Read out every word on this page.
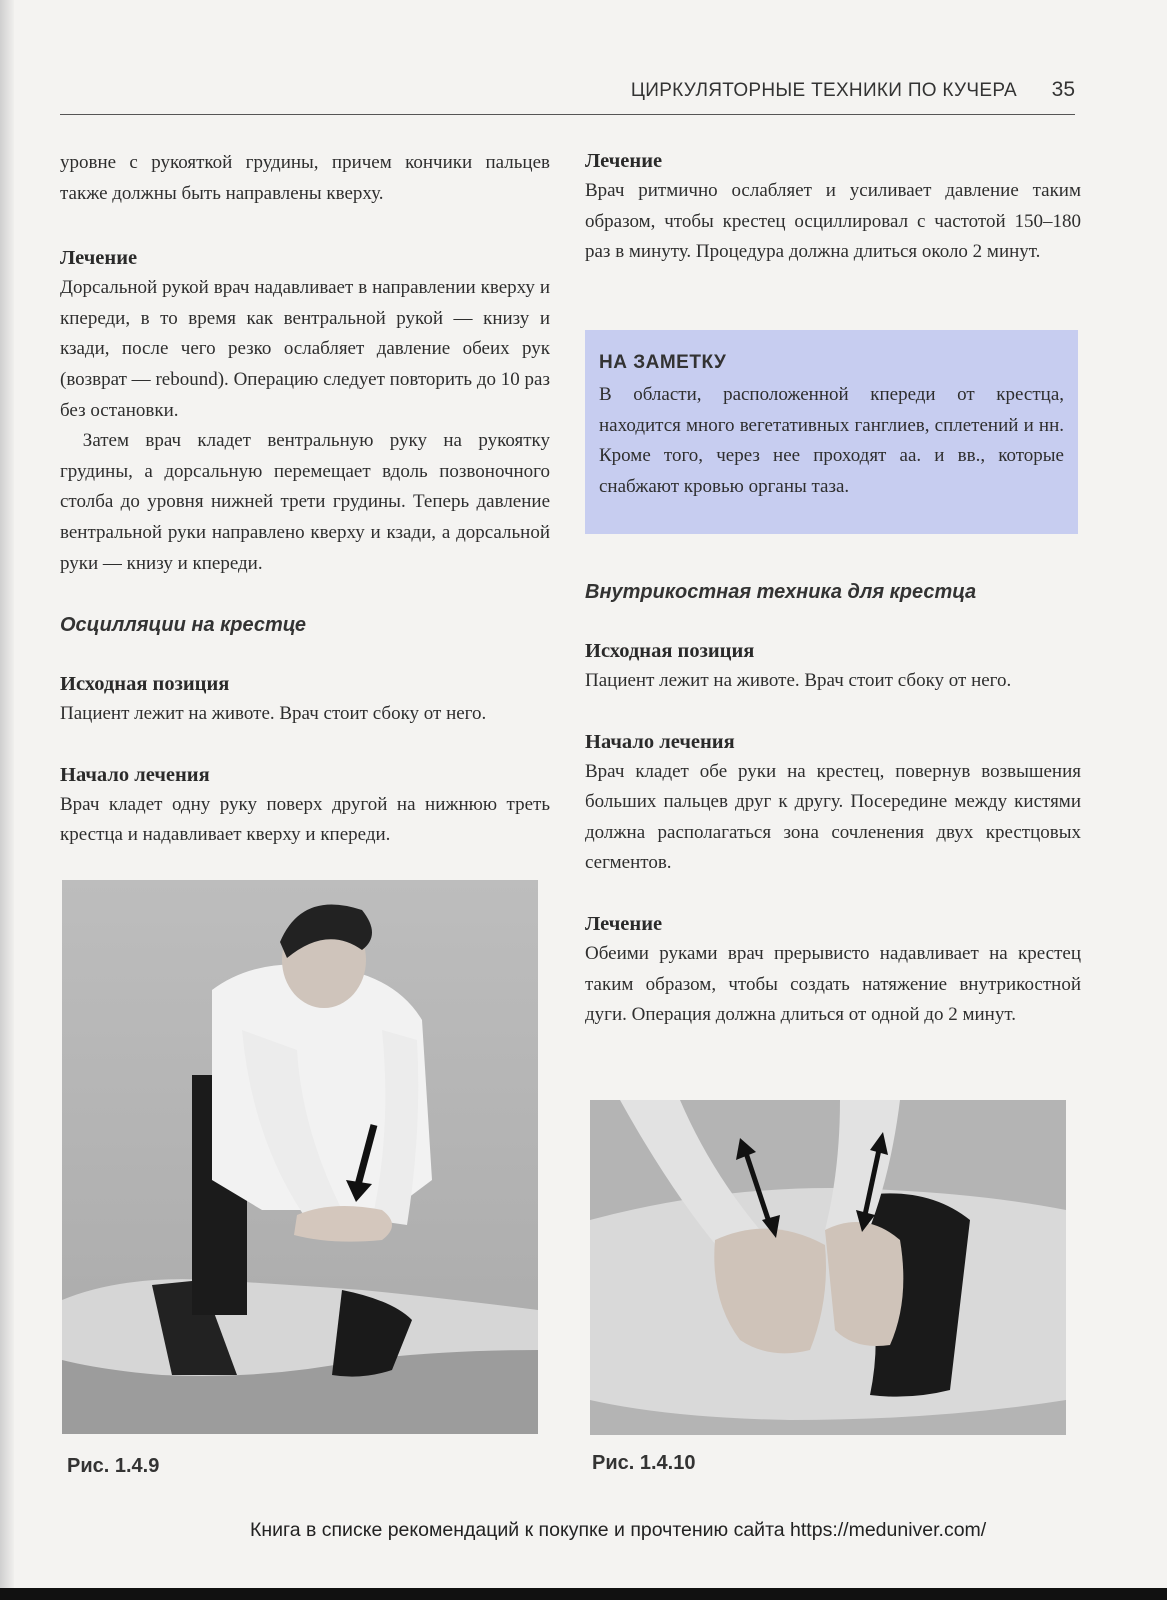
ЦИРКУЛЯТОРНЫЕ ТЕХНИКИ ПО КУЧЕРА 35

уровне с рукояткой грудины, причем кончики пальцев также должны быть направлены кверху.

Лечение

Дорсальной рукой врач надавливает в направлении кверху и кпереди, в то время как вентральной рукой — книзу и кзади, после чего резко ослабляет давление обеих рук (возврат — rebound). Операцию следует повторить до 10 раз без остановки.

Затем врач кладет вентральную руку на рукоятку грудины, а дорсальную перемещает вдоль позвоночного столба до уровня нижней трети грудины. Теперь давление вентральной руки направлено кверху и кзади, а дорсальной руки — книзу и кпереди.

Осцилляции на крестце
Исходная позиция

Пациент лежит на животе. Врач стоит сбоку от него.

Начало лечения

Врач кладет одну руку поверх другой на нижнюю треть крестца и надавливает кверху и кпереди.

Лечение

Врач ритмично ослабляет и усиливает давление таким образом, чтобы крестец осциллировал с частотой 150–180 раз в минуту. Процедура должна длиться около 2 минут.

НА ЗАМЕТКУ

В области, расположенной кпереди от крестца, находится много вегетативных ганглиев, сплетений и нн. Кроме того, через нее проходят аа. и вв., которые снабжают кровью органы таза.

Внутрикостная техника для крестца
Исходная позиция

Пациент лежит на животе. Врач стоит сбоку от него.

Начало лечения

Врач кладет обе руки на крестец, повернув возвышения больших пальцев друг к другу. Посередине между кистями должна располагаться зона сочленения двух крестцовых сегментов.

Лечение

Обеими руками врач прерывисто надавливает на крестец таким образом, чтобы создать натяжение внутрикостной дуги. Операция должна длиться от одной до 2 минут.

Рис. 1.4.9	Рис. 1.4.10
Книга в списке рекомендаций к покупке и прочтению сайта https://meduniver.com/
